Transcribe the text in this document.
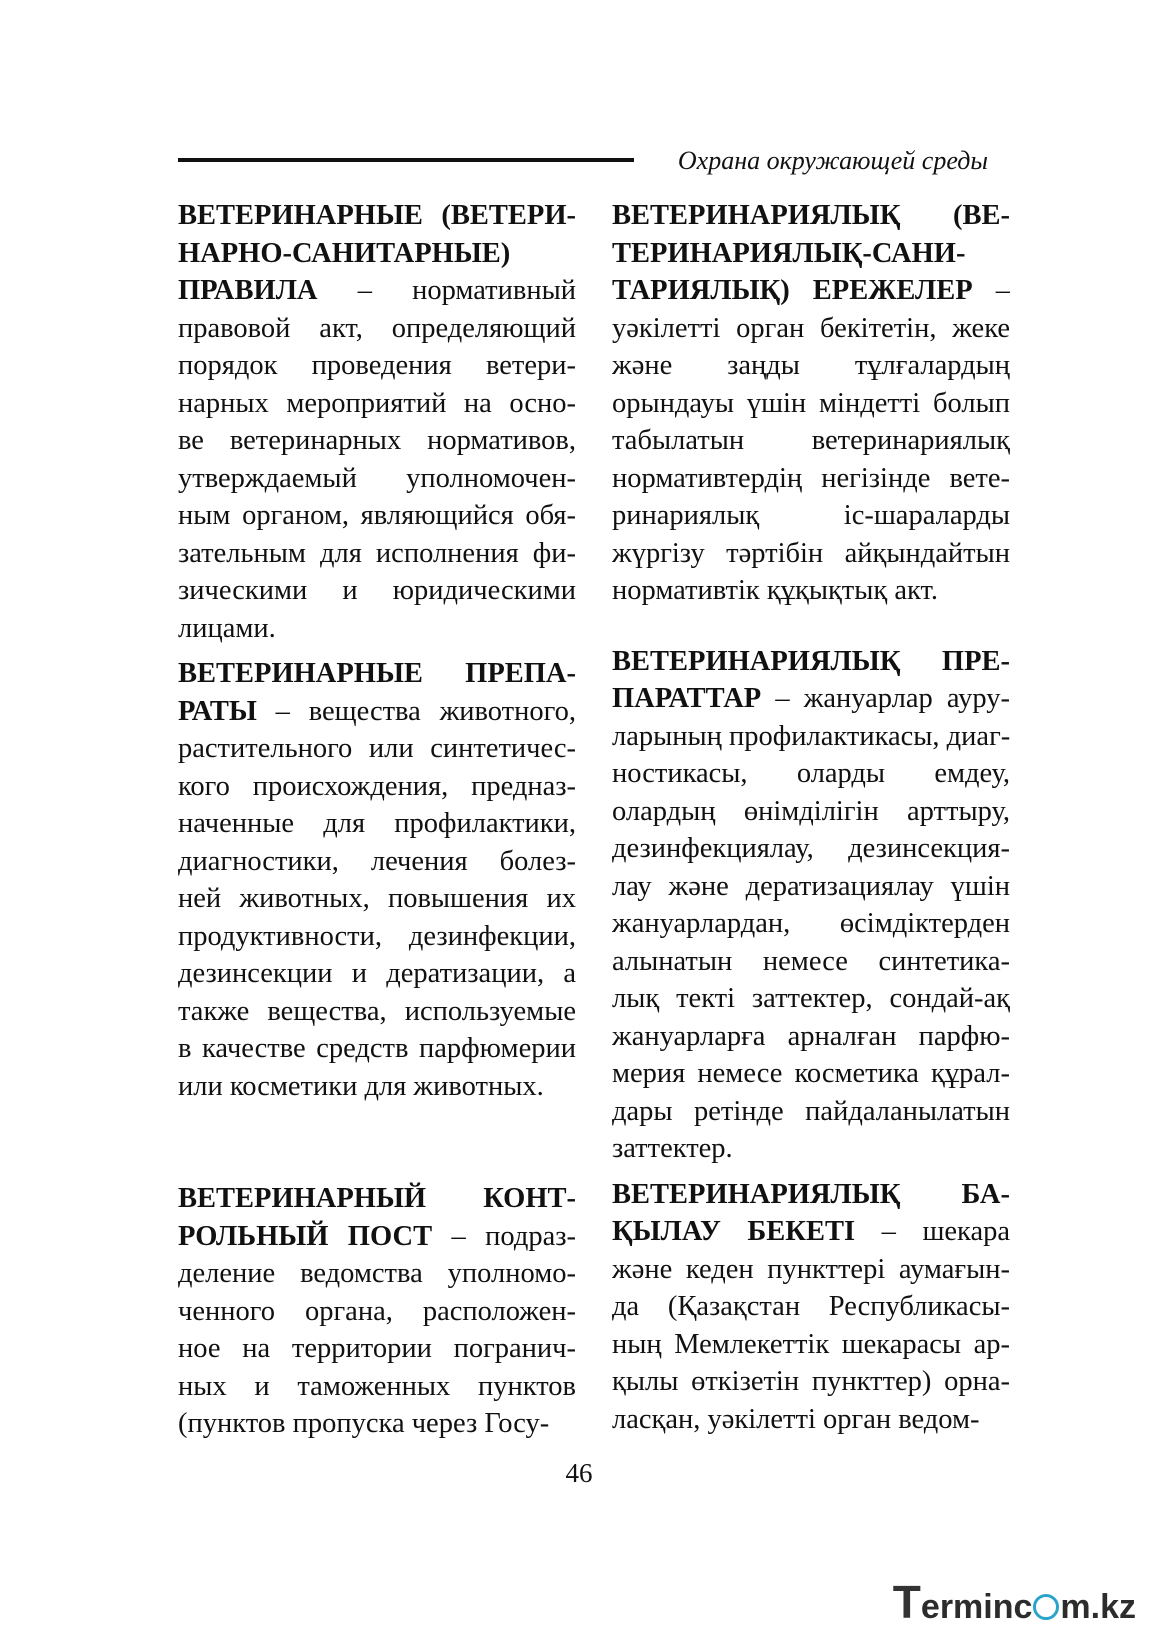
Охрана окружающей среды
ВЕТЕРИНАРНЫЕ (ВЕТЕРИ-
НАРНО-САНИТАРНЫЕ)
ПРАВИЛА – нормативный
правовой акт, определяющий
порядок проведения ветери-
нарных мероприятий на осно-
ве ветеринарных нормативов,
утверждаемый уполномочен-
ным органом, являющийся обя-
зательным для исполнения фи-
зическими и юридическими
лицами.
ВЕТЕРИНАРНЫЕ ПРЕПА-
РАТЫ – вещества животного,
растительного или синтетичес-
кого происхождения, предназ-
наченные для профилактики,
диагностики, лечения болез-
ней животных, повышения их
продуктивности, дезинфекции,
дезинсекции и дератизации, а
также вещества, используемые
в качестве средств парфюмерии
или косметики для животных.
ВЕТЕРИНАРНЫЙ КОНТ-
РОЛЬНЫЙ ПОСТ – подраз-
деление ведомства уполномо-
ченного органа, расположен-
ное на территории погранич-
ных и таможенных пунктов
(пунктов пропуска через Госу-
ВЕТЕРИНАРИЯЛЫҚ (ВЕ-
ТЕРИНАРИЯЛЫҚ-САНИ-
ТАРИЯЛЫҚ) ЕРЕЖЕЛЕР –
уәкілетті орган бекітетін, жеке
және заңды тұлғалардың
орындауы үшін міндетті болып
табылатын ветеринариялық
нормативтердің негізінде вете-
ринариялық іс-шараларды
жүргізу тәртібін айқындайтын
нормативтік құқықтық акт.
ВЕТЕРИНАРИЯЛЫҚ ПРЕ-
ПАРАТТАР – жануарлар ауру-
ларының профилактикасы, диаг-
ностикасы, оларды емдеу,
олардың өнімділігін арттыру,
дезинфекциялау, дезинсекция-
лау және дератизациялау үшін
жануарлардан, өсімдіктерден
алынатын немесе синтетика-
лық текті заттектер, сондай-ақ
жануарларға арналған парфю-
мерия немесе косметика құрал-
дары ретінде пайдаланылатын
заттектер.
ВЕТЕРИНАРИЯЛЫҚ БА-
ҚЫЛАУ БЕКЕТІ – шекара
және кеден пункттері аумағын-
да (Қазақстан Республикасы-
ның Мемлекеттік шекарасы ар-
қылы өткізетін пункттер) орна-
ласқан, уәкілетті орган ведом-
46
Terminc m.kz
